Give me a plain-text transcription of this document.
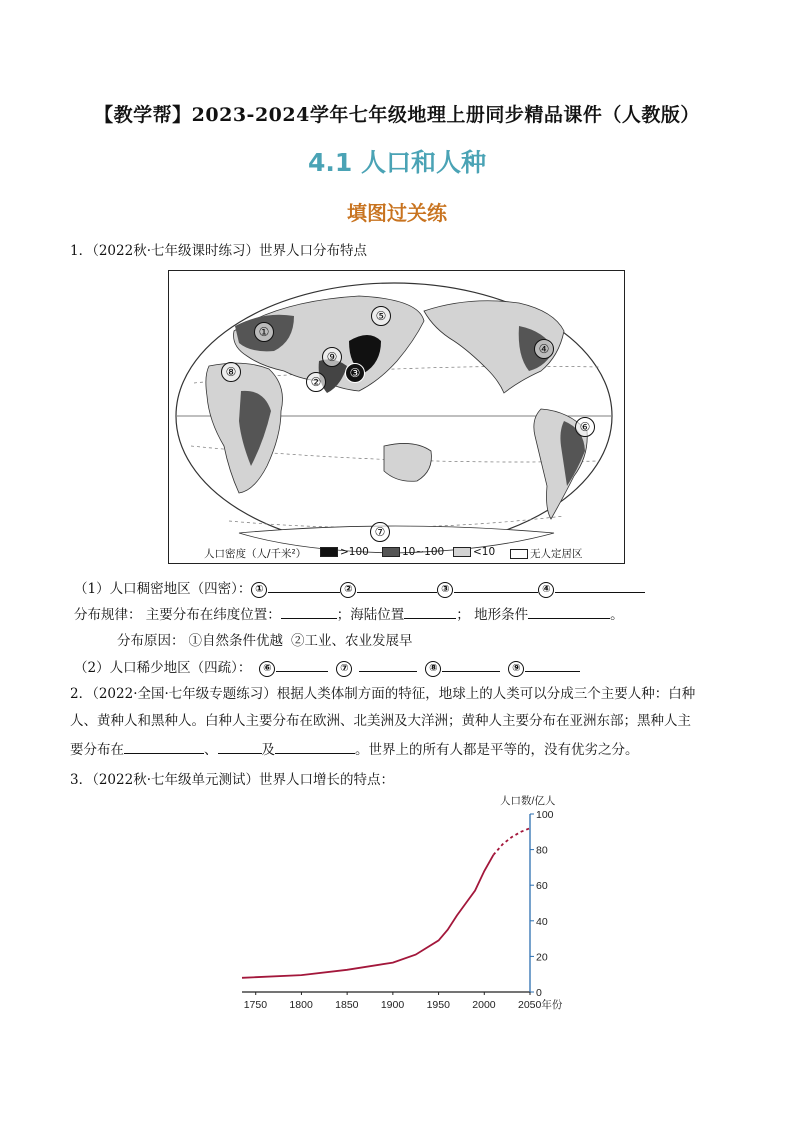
【教学帮】2023-2024学年七年级地理上册同步精品课件（人教版）
4.1 人口和人种
填图过关练
1．（2022秋·七年级课时练习）世界人口分布特点
①
②
③
④
⑤
⑥
⑦
⑧
⑨
人口密度（人/千米²）	>100	10~100	<10	无人定居区
（1）人口稠密地区（四密）： ①	②	③	④
分布规律： 主要分布在纬度位置：	；海陆位置	； 地形条件	。
分布原因： ①自然条件优越 ②工业、农业发展早
（2）人口稀少地区（四疏）： ⑥	⑦	⑧	⑨
2．（2022·全国·七年级专题练习）根据人类体制方面的特征，地球上的人类可以分成三个主要人种：白种
人、黄种人和黑种人。白种人主要分布在欧洲、北美洲及大洋洲；黄种人主要分布在亚洲东部；黑种人主
要分布在	、	及	。世界上的所有人都是平等的，没有优劣之分。
3．（2022秋·七年级单元测试）世界人口增长的特点：
0
20
40
60
80
100
人口数/亿人
1750 1800 1850 1900 1950 2000 2050年份
